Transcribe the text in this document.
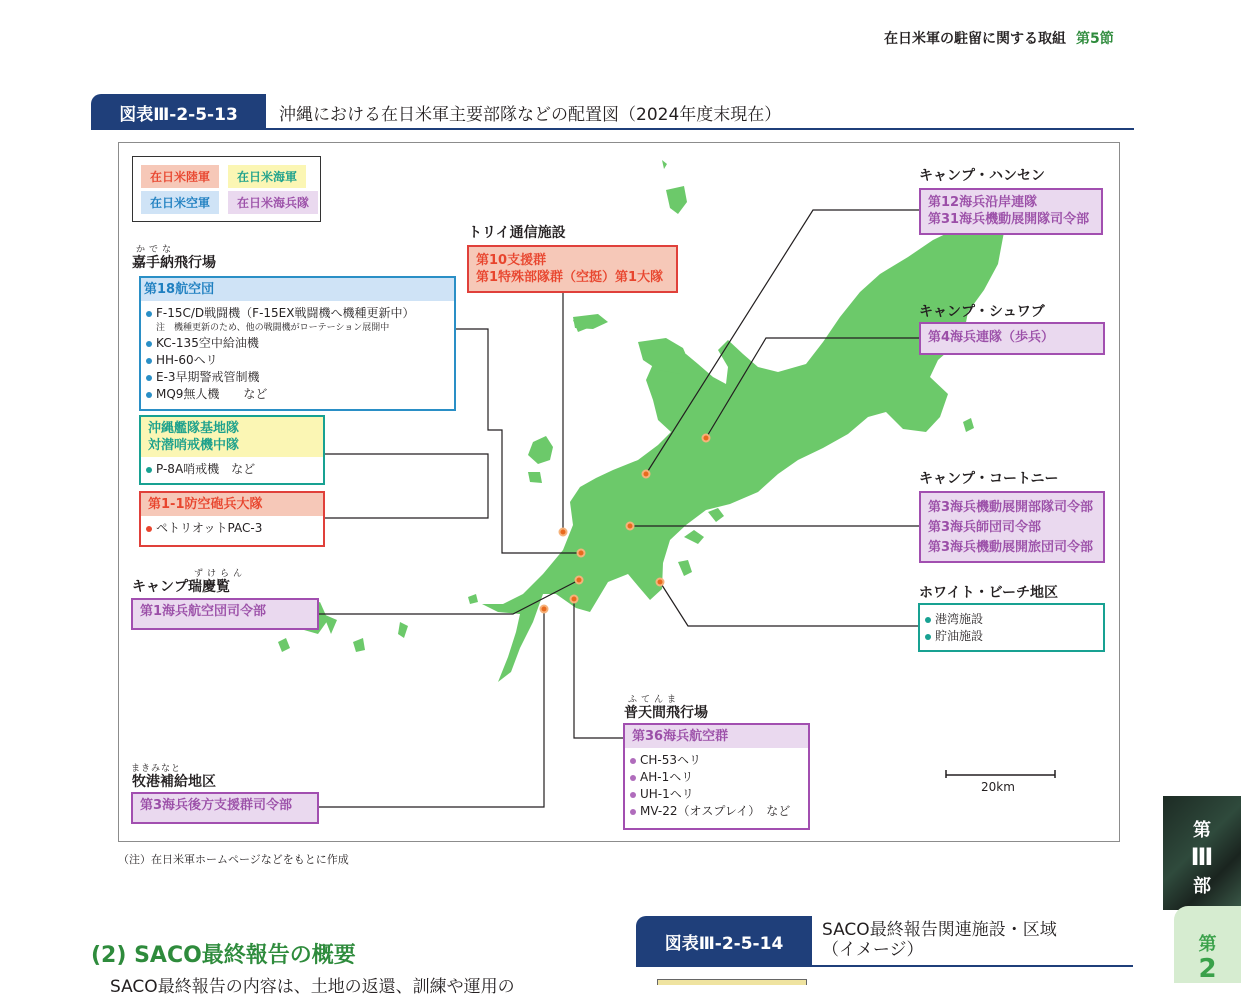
在日米軍の駐留に関する取組 第5節
図表Ⅲ-2-5-13	沖縄における在日米軍主要部隊などの配置図（2024年度末現在）
在日米陸軍	在日米海軍
在日米空軍	在日米海兵隊
かでな
嘉手納飛行場
第18航空団
F-15C/D戦闘機（F-15EX戦闘機へ機種更新中）
注　機種更新のため、他の戦闘機がローテーション展開中
KC-135空中給油機
HH-60ヘリ
E-3早期警戒管制機
MQ9無人機　　など
沖縄艦隊基地隊
対潜哨戒機中隊
P-8A哨戒機　など
第1-1防空砲兵大隊
ペトリオットPAC-3
ずけらん
キャンプ瑞慶覧
第1海兵航空団司令部
まきみなと
牧港補給地区
第3海兵後方支援群司令部
トリイ通信施設
第10支援群
第1特殊部隊群（空挺）第1大隊
ふてんま
普天間飛行場
第36海兵航空群
CH-53ヘリ
AH-1ヘリ
UH-1ヘリ
MV-22（オスプレイ）　など
キャンプ・ハンセン
第12海兵沿岸連隊
第31海兵機動展開隊司令部
キャンプ・シュワブ
第4海兵連隊（歩兵）
キャンプ・コートニー
第3海兵機動展開部隊司令部
第3海兵師団司令部
第3海兵機動展開旅団司令部
ホワイト・ビーチ地区
港湾施設
貯油施設
20km
（注）在日米軍ホームページなどをもとに作成
(2) SACO最終報告の概要
SACO最終報告の内容は、土地の返還、訓練や運用の
図表Ⅲ-2-5-14
SACO最終報告関連施設・区域
（イメージ）
第
Ⅲ
部
第
2
